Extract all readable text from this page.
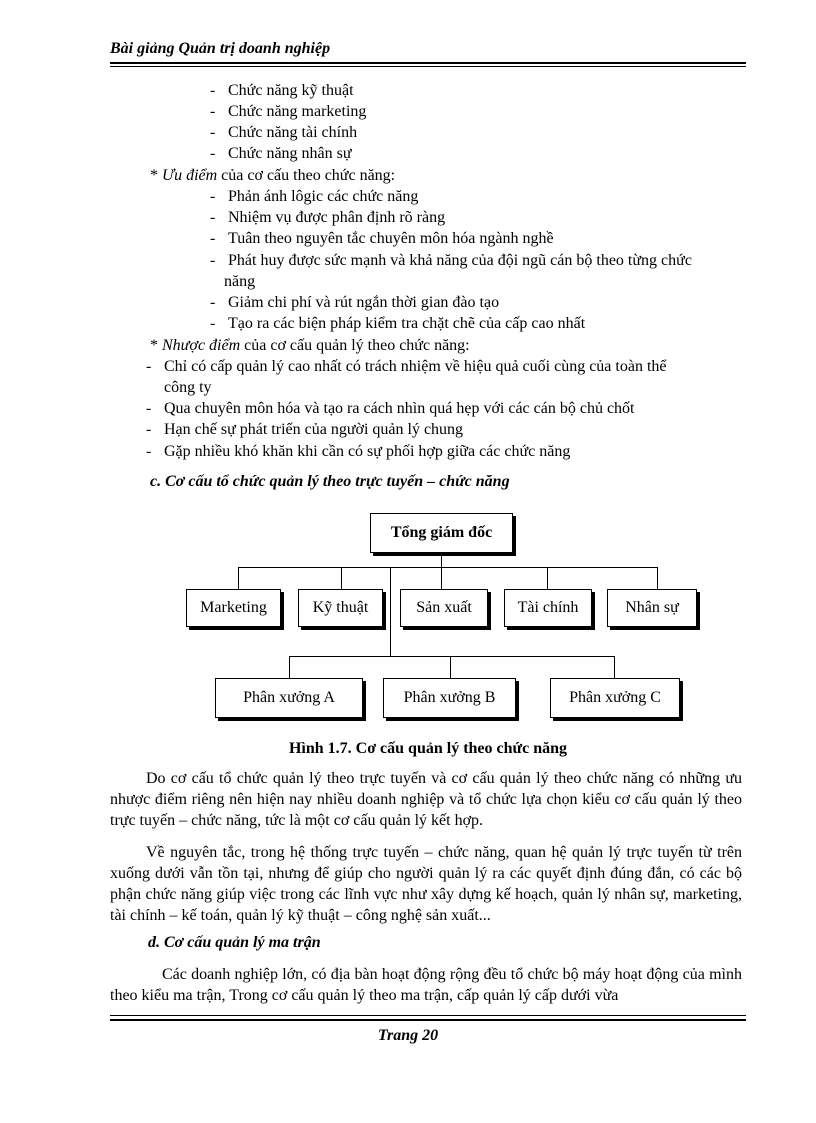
Bài giảng Quản trị doanh nghiệp
- Chức năng kỹ thuật
- Chức năng marketing
- Chức năng tài chính
- Chức năng nhân sự
* Ưu điểm của cơ cấu theo chức năng:
- Phản ánh lôgic các chức năng
- Nhiệm vụ được phân định rõ ràng
- Tuân theo nguyên tắc chuyên môn hóa ngành nghề
- Phát huy được sức mạnh và khả năng của đội ngũ cán bộ theo từng chức
năng
- Giảm chi phí và rút ngắn thời gian đào tạo
- Tạo ra các biện pháp kiểm tra chặt chẽ của cấp cao nhất
* Nhược điểm của cơ cấu quản lý theo chức năng:
- Chỉ có cấp quản lý cao nhất có trách nhiệm về hiệu quả cuối cùng của toàn thể
công ty
- Qua chuyên môn hóa và tạo ra cách nhìn quá hẹp với các cán bộ chủ chốt
- Hạn chế sự phát triển của người quản lý chung
- Gặp nhiều khó khăn khi cần có sự phối hợp giữa các chức năng
c. Cơ cấu tổ chức quản lý theo trực tuyến – chức năng
Tổng giám đốc
Marketing	Kỹ thuật	Sản xuất	Tài chính	Nhân sự
Phân xưởng A	Phân xưởng B	Phân xưởng C
Hình 1.7. Cơ cấu quản lý theo chức năng
Do cơ cấu tổ chức quản lý theo trực tuyến và cơ cấu quản lý theo chức năng có những ưu nhược điểm riêng nên hiện nay nhiều doanh nghiệp và tổ chức lựa chọn kiểu cơ cấu quản lý theo trực tuyến – chức năng, tức là một cơ cấu quản lý kết hợp.
Về nguyên tắc, trong hệ thống trực tuyến – chức năng, quan hệ quản lý trực tuyến từ trên xuống dưới vẫn tồn tại, nhưng để giúp cho người quản lý ra các quyết định đúng đắn, có các bộ phận chức năng giúp việc trong các lĩnh vực như xây dựng kế hoạch, quản lý nhân sự, marketing, tài chính – kế toán, quản lý kỹ thuật – công nghệ sản xuất...
d. Cơ cấu quản lý ma trận
Các doanh nghiệp lớn, có địa bàn hoạt động rộng đều tổ chức bộ máy hoạt động của mình theo kiểu ma trận, Trong cơ cấu quản lý theo ma trận, cấp quản lý cấp dưới vừa
Trang 20
